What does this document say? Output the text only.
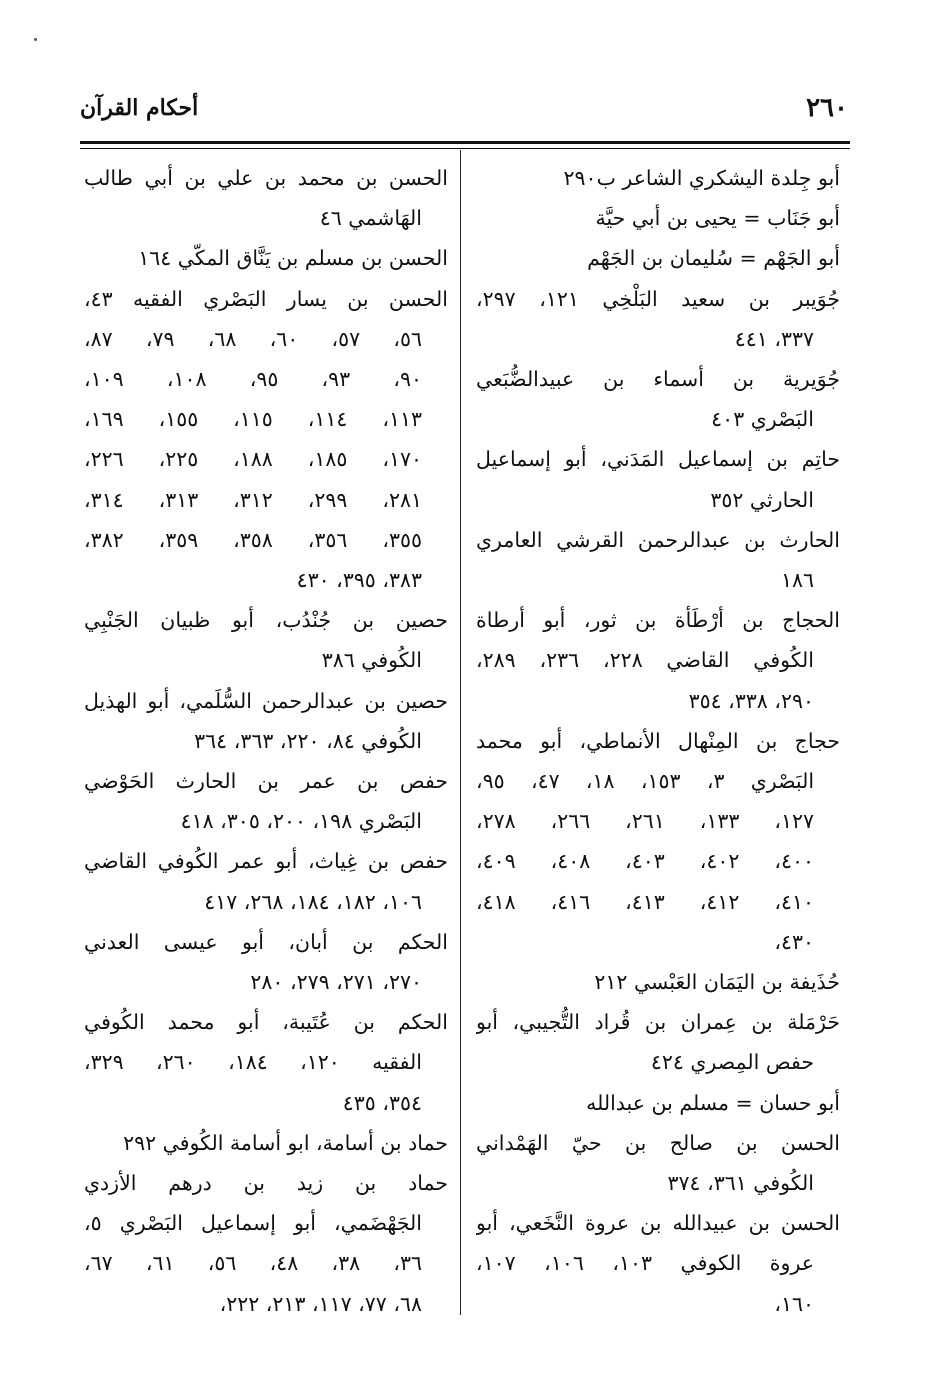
٢٦٠
أحكام القرآن
أبو جِلدة اليشكري الشاعر ب٢٩٠
أبو جَنَاب = يحيى بن أبي حيَّة
أبو الجَهْم = سُليمان بن الجَهْم
جُوَيبر بن سعيد البَلْخِي ١٢١، ٢٩٧،
٣٣٧، ٤٤١
جُوَيرية بن أسماء بن عبيدالضُّبَعي
البَصْري ٤٠٣
حاتِم بن إسماعيل المَدَني، أبو إسماعيل
الحارثي ٣٥٢
الحارث بن عبدالرحمن القرشي العامري
١٨٦
الحجاج بن أرْطَأة بن ثور، أبو أرطاة
الكُوفي القاضي ٢٢٨، ٢٣٦، ٢٨٩،
٢٩٠، ٣٣٨، ٣٥٤
حجاج بن المِنْهال الأنماطي، أبو محمد
البَصْري ٣، ١٥٣، ١٨، ٤٧، ٩٥،
١٢٧، ١٣٣، ٢٦١، ٢٦٦، ٢٧٨،
٤٠٠، ٤٠٢، ٤٠٣، ٤٠٨، ٤٠٩،
٤١٠، ٤١٢، ٤١٣، ٤١٦، ٤١٨،
٤٣٠،
حُذَيفة بن اليَمَان العَبْسي ٢١٢
حَرْمَلة بن عِمران بن قُراد التُّجيبي، أبو
حفص المِصري ٤٢٤
أبو حسان = مسلم بن عبدالله
الحسن بن صالح بن حيّ الهَمْداني
الكُوفي ٣٦١، ٣٧٤
الحسن بن عبيدالله بن عروة النَّخَعي، أبو
عروة الكوفي ١٠٣، ١٠٦، ١٠٧،
١٦٠،
الحسن بن محمد بن علي بن أبي طالب
الهَاشمي ٤٦
الحسن بن مسلم بن يَنَّاق المكّي ١٦٤
الحسن بن يسار البَصْري الفقيه ٤٣،
٥٦، ٥٧، ٦٠، ٦٨، ٧٩، ٨٧،
٩٠، ٩٣، ٩٥، ١٠٨، ١٠٩،
١١٣، ١١٤، ١١٥، ١٥٥، ١٦٩،
١٧٠، ١٨٥، ١٨٨، ٢٢٥، ٢٢٦،
٢٨١، ٢٩٩، ٣١٢، ٣١٣، ٣١٤،
٣٥٥، ٣٥٦، ٣٥٨، ٣٥٩، ٣٨٢،
٣٨٣، ٣٩٥، ٤٣٠
حصين بن جُنْدُب، أبو ظبيان الجَنْبِي
الكُوفي ٣٨٦
حصين بن عبدالرحمن السُّلَمي، أبو الهذيل
الكُوفي ٨٤، ٢٢٠، ٣٦٣، ٣٦٤
حفص بن عمر بن الحارث الحَوْضي
البَصْري ١٩٨، ٢٠٠، ٣٠٥، ٤١٨
حفص بن غِياث، أبو عمر الكُوفي القاضي
١٠٦، ١٨٢، ١٨٤، ٢٦٨، ٤١٧
الحكم بن أبان، أبو عيسى العدني
٢٧٠، ٢٧١، ٢٧٩، ٢٨٠
الحكم بن عُتَيبة، أبو محمد الكُوفي
الفقيه ١٢٠، ١٨٤، ٢٦٠، ٣٢٩،
٣٥٤، ٤٣٥
حماد بن أسامة، ابو أسامة الكُوفي ٢٩٢
حماد بن زيد بن درهم الأزدي
الجَهْضَمي، أبو إسماعيل البَصْري ٥،
٣٦، ٣٨، ٤٨، ٥٦، ٦١، ٦٧،
٦٨، ٧٧، ١١٧، ٢١٣، ٢٢٢،
